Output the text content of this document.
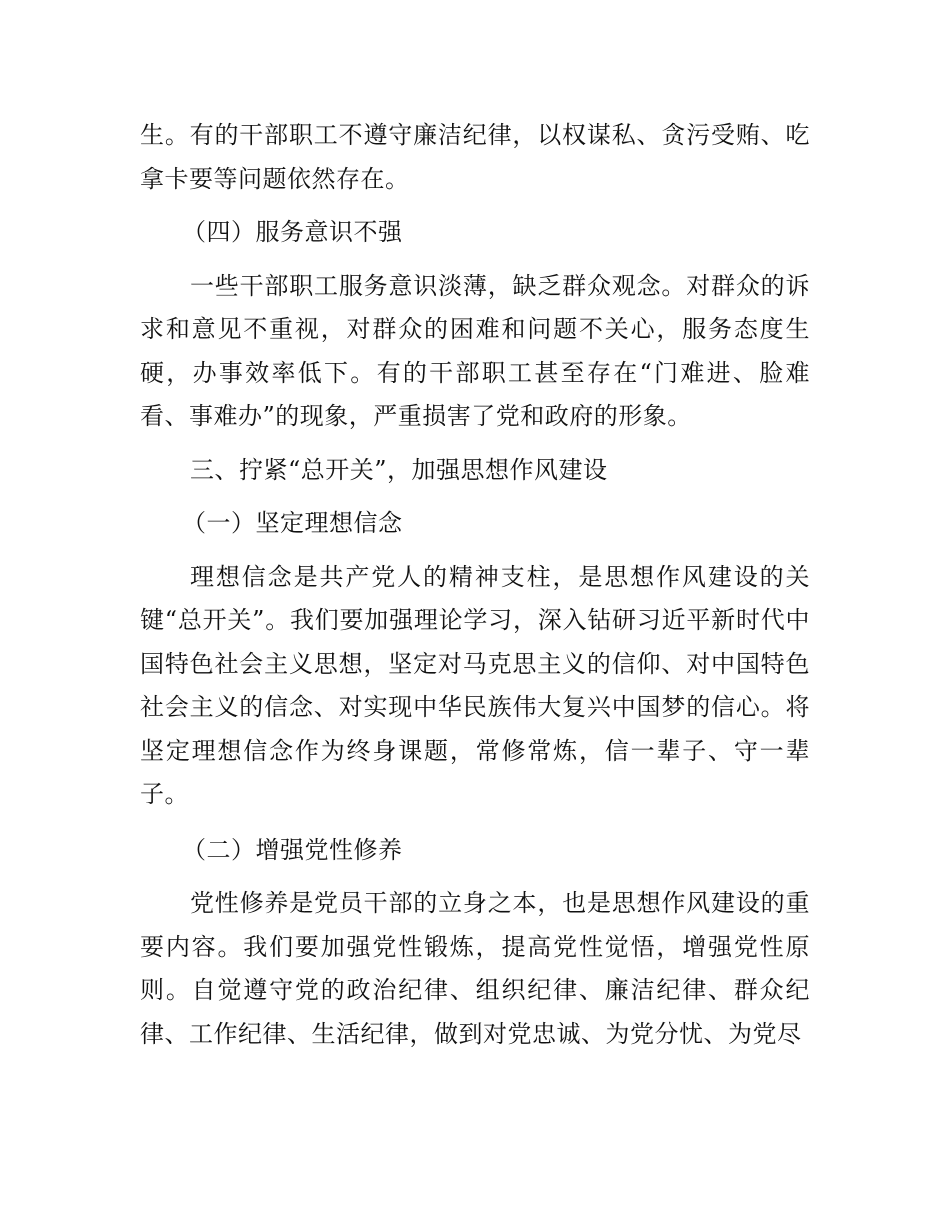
生。有的干部职工不遵守廉洁纪律，以权谋私、贪污受贿、吃拿卡要等问题依然存在。

（四）服务意识不强

一些干部职工服务意识淡薄，缺乏群众观念。对群众的诉求和意见不重视，对群众的困难和问题不关心，服务态度生硬，办事效率低下。有的干部职工甚至存在“门难进、脸难看、事难办”的现象，严重损害了党和政府的形象。

三、拧紧“总开关”，加强思想作风建设

（一）坚定理想信念

理想信念是共产党人的精神支柱，是思想作风建设的关键“总开关”。我们要加强理论学习，深入钻研习近平新时代中国特色社会主义思想，坚定对马克思主义的信仰、对中国特色社会主义的信念、对实现中华民族伟大复兴中国梦的信心。将坚定理想信念作为终身课题，常修常炼，信一辈子、守一辈子。

（二）增强党性修养

党性修养是党员干部的立身之本，也是思想作风建设的重要内容。我们要加强党性锻炼，提高党性觉悟，增强党性原则。自觉遵守党的政治纪律、组织纪律、廉洁纪律、群众纪律、工作纪律、生活纪律，做到对党忠诚、为党分忧、为党尽
